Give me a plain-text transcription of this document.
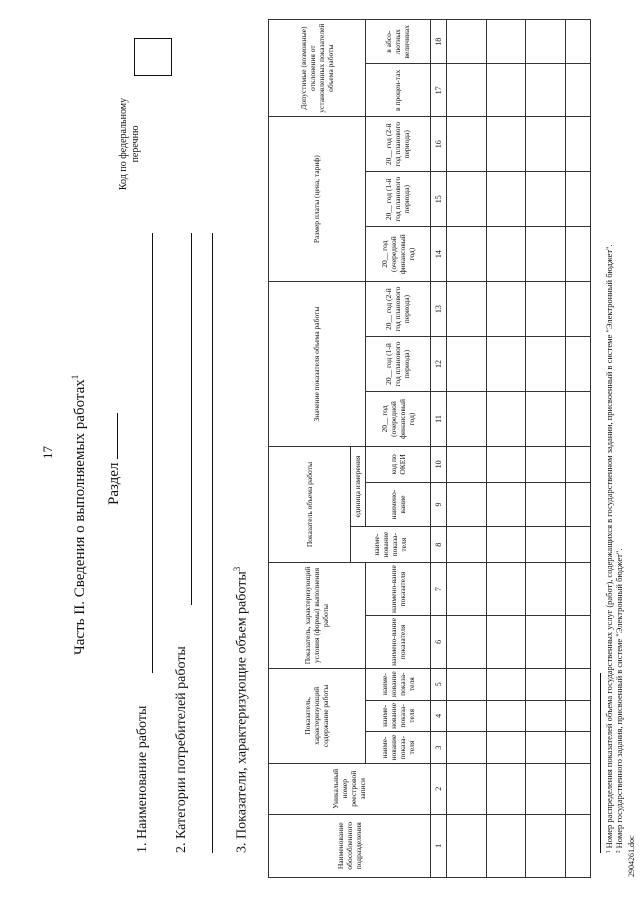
17 Часть II. Сведения о выполняемых работах$^1$
Раздел
1. Наименование работы 2. Категории потребителей работы	3. Показатели, характеризующие объем работы$^3$
Код по федеральному перечню
Наименование обособленного подразделения	Уникальный номер реестровой записи	Показатель, характеризующий содержание работы			Показатель, характеризующий условия (формы) выполнения работы		Показатель объема работы			Значение показателя объема работы			Размер платы (цена, тариф)			Допустимые (возможные) отклонения от установленных показателей объема работы	
							наиме-нование показа-теля	единица измерения									
		наиме-нование показа-теля	наиме-нование показа-теля	наиме-нование показа-теля	наимено-вание показателя	наимено-вание показателя		наимено-вание	код по ОКЕИ	20__ год (очередной финансовый год)	20__ год (1-й год планового периода)	20__ год (2-й год планового периода)	20__ год (очередной финансовый год)	20__ год (1-й год планового периода)	20__ год (2-й год планового периода)	в процен-тах	в абсо-лютных величинах
1	2	3	4	5	6	7	8	9	10	11	12	13	14	15	16	17	18

¹ Номер распределения показателей объема государственных услуг (работ), содержащихся в государственном задании, присвоенный в системе "Электронный бюджет". ² Номер государственного задания, присвоенный в системе "Электронный бюджет".
2904261.doc
